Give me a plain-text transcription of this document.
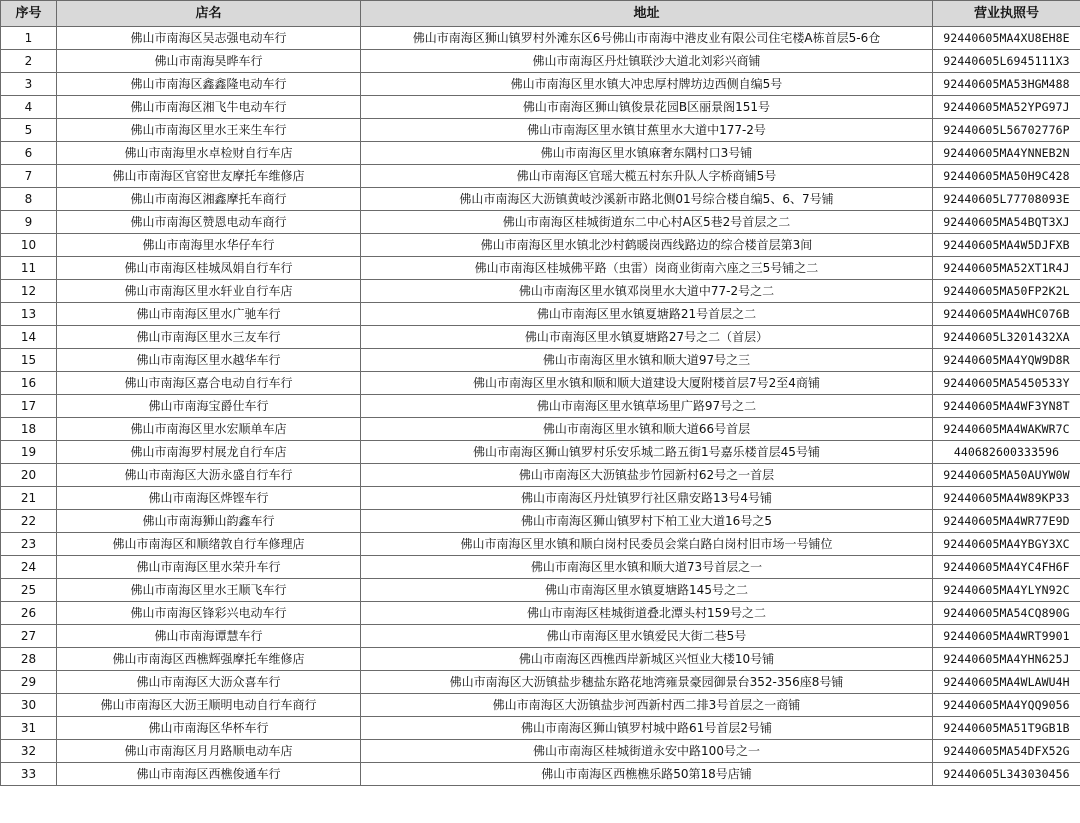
序号	店名	地址	营业执照号
1	佛山市南海区吴志强电动车行	佛山市南海区狮山镇罗村外滩东区6号佛山市南海中港皮业有限公司住宅楼A栋首层5-6仓	92440605MA4XU8EH8E
2	佛山市南海昊晔车行	佛山市南海区丹灶镇联沙大道北刘彩兴商铺	92440605L6945111X3
3	佛山市南海区鑫鑫隆电动车行	佛山市南海区里水镇大冲忠厚村牌坊边西侧自编5号	92440605MA53HGM488
4	佛山市南海区湘飞牛电动车行	佛山市南海区狮山镇俊景花园B区丽景阁151号	92440605MA52YPG97J
5	佛山市南海区里水王来生车行	佛山市南海区里水镇甘蕉里水大道中177-2号	92440605L56702776P
6	佛山市南海里水卓检财自行车店	佛山市南海区里水镇麻奢东隅村口3号铺	92440605MA4YNNEB2N
7	佛山市南海区官窑世友摩托车维修店	佛山市南海区官瑶大榄五村东升队人字桥商铺5号	92440605MA50H9C428
8	佛山市南海区湘鑫摩托车商行	佛山市南海区大沥镇黄岐沙溪新市路北侧01号综合楼自编5、6、7号铺	92440605L77708093E
9	佛山市南海区赞恩电动车商行	佛山市南海区桂城街道东二中心村A区5巷2号首层之二	92440605MA54BQT3XJ
10	佛山市南海里水华仔车行	佛山市南海区里水镇北沙村鹤暖岗西线路边的综合楼首层第3间	92440605MA4W5DJFXB
11	佛山市南海区桂城凤娟自行车行	佛山市南海区桂城佛平路（虫雷）岗商业街南六座之三5号铺之二	92440605MA52XT1R4J
12	佛山市南海区里水轩业自行车店	佛山市南海区里水镇邓岗里水大道中77-2号之二	92440605MA50FP2K2L
13	佛山市南海区里水广驰车行	佛山市南海区里水镇夏塘路21号首层之二	92440605MA4WHC076B
14	佛山市南海区里水三友车行	佛山市南海区里水镇夏塘路27号之二（首层）	92440605L3201432XA
15	佛山市南海区里水越华车行	佛山市南海区里水镇和顺大道97号之三	92440605MA4YQW9D8R
16	佛山市南海区嘉合电动自行车行	佛山市南海区里水镇和顺和顺大道建设大厦附楼首层7号2至4商铺	92440605MA5450533Y
17	佛山市南海宝爵仕车行	佛山市南海区里水镇草场里广路97号之二	92440605MA4WF3YN8T
18	佛山市南海区里水宏顺单车店	佛山市南海区里水镇和顺大道66号首层	92440605MA4WAKWR7C
19	佛山市南海罗村展龙自行车店	佛山市南海区狮山镇罗村乐安乐城二路五街1号嘉乐楼首层45号铺	440682600333596
20	佛山市南海区大沥永盛自行车行	佛山市南海区大沥镇盐步竹园新村62号之一首层	92440605MA50AUYW0W
21	佛山市南海区烨铿车行	佛山市南海区丹灶镇罗行社区鼎安路13号4号铺	92440605MA4W89KP33
22	佛山市南海狮山韵鑫车行	佛山市南海区狮山镇罗村下柏工业大道16号之5	92440605MA4WR77E9D
23	佛山市南海区和顺绪敦自行车修理店	佛山市南海区里水镇和顺白岗村民委员会棠白路白岗村旧市场一号铺位	92440605MA4YBGY3XC
24	佛山市南海区里水荣升车行	佛山市南海区里水镇和顺大道73号首层之一	92440605MA4YC4FH6F
25	佛山市南海区里水王顺飞车行	佛山市南海区里水镇夏塘路145号之二	92440605MA4YLYN92C
26	佛山市南海区锋彩兴电动车行	佛山市南海区桂城街道叠北潭头村159号之二	92440605MA54CQ890G
27	佛山市南海谭慧车行	佛山市南海区里水镇爱民大街二巷5号	92440605MA4WRT9901
28	佛山市南海区西樵辉强摩托车维修店	佛山市南海区西樵西岸新城区兴恒业大楼10号铺	92440605MA4YHN625J
29	佛山市南海区大沥众喜车行	佛山市南海区大沥镇盐步穗盐东路花地湾雍景豪园御景台352-356座8号铺	92440605MA4WLAWU4H
30	佛山市南海区大沥王顺明电动自行车商行	佛山市南海区大沥镇盐步河西新村西二排3号首层之一商铺	92440605MA4YQQ9056
31	佛山市南海区华杯车行	佛山市南海区狮山镇罗村城中路61号首层2号铺	92440605MA51T9GB1B
32	佛山市南海区月月路顺电动车店	佛山市南海区桂城街道永安中路100号之一	92440605MA54DFX52G
33	佛山市南海区西樵俊通车行	佛山市南海区西樵樵乐路50第18号店铺	92440605L343030456
